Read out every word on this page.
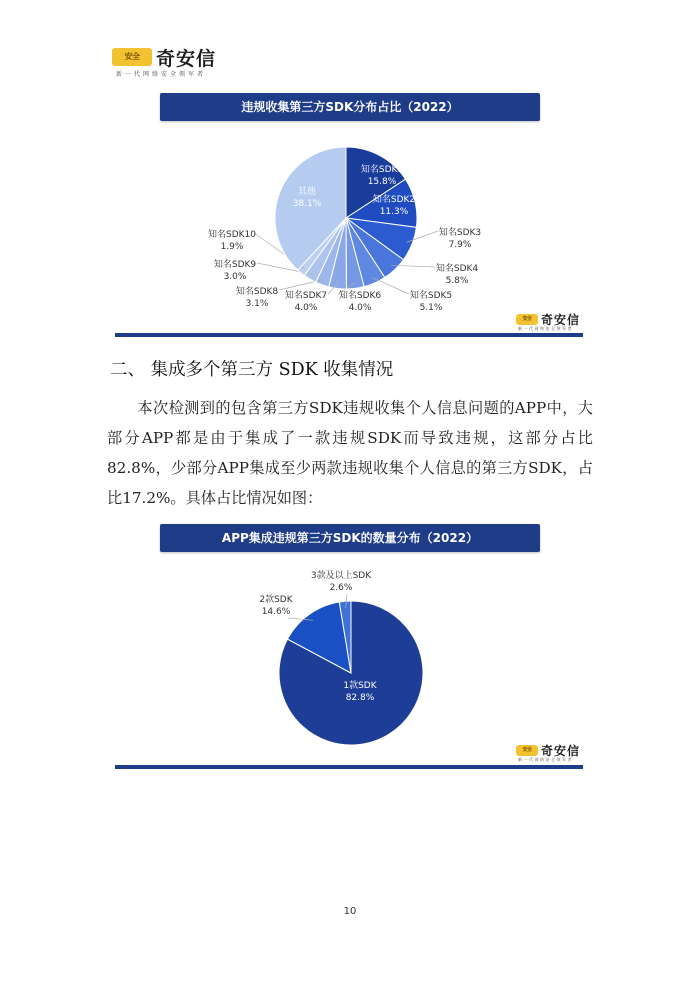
安全 奇安信
新一代网络安全领军者
违规收集第三方SDK分布占比（2022）
知名SDK1 15.8%
知名SDK2 11.3%
知名SDK3 7.9%
知名SDK4 5.8%
知名SDK5 5.1%
知名SDK6 4.0%
知名SDK7 4.0%
知名SDK8 3.1%
知名SDK9 3.0%
知名SDK10 1.9%
其他 38.1%
安全 奇安信
新一代网络安全领军者
二、 集成多个第三方 SDK 收集情况

本次检测到的包含第三方SDK违规收集个人信息问题的APP中，大部分APP都是由于集成了一款违规SDK而导致违规，这部分占比82.8%，少部分APP集成至少两款违规收集个人信息的第三方SDK，占比17.2%。具体占比情况如图：

APP集成违规第三方SDK的数量分布（2022）
1款SDK 82.8%
2款SDK 14.6%
3款及以上SDK 2.6%
安全 奇安信
新一代网络安全领军者
10
